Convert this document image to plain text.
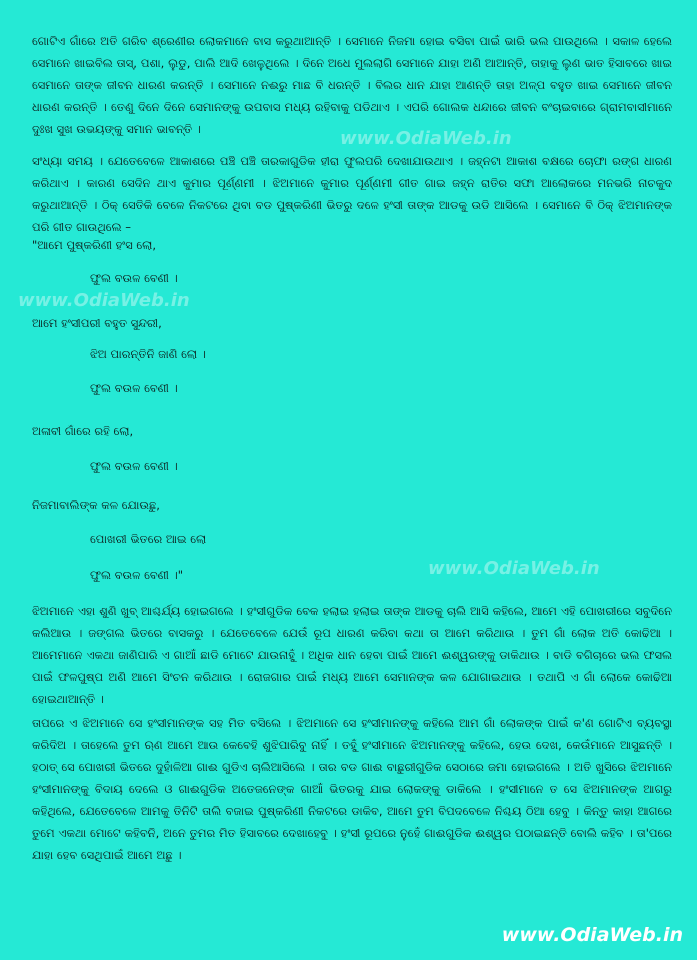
www.OdiaWeb.in
www.OdiaWeb.in
www.OdiaWeb.in

ଗୋଟିଏ ଗାଁରେ ଅତି ଗରିବ ଶ୍ରେଣୀର ଲୋକମାନେ ବାସ କରୁଥାଆନ୍ତି । ସେମାନେ ନିଜମା ହୋଇ ବସିବା ପାଇଁ ଭାରି ଭଲ ପାଉଥିଲେ । ସକାଳ ହେଲେ ସେମାନେ ଖାଇବିଲ ତାସ୍, ପଶା, ଲୁଡୁ, ପାଲି ଆଦି ଖେଳୁଥିଲେ । ଦିନେ ଅଧେ ମୁଲଲାଗି ସେମାନେ ଯାହା ଅଣି ଆଆନ୍ତି, ତାହାକୁ ଲୁଣ ଭାତ ହିସାବରେ ଖାଇ ସେମାନେ ତାଙ୍କ ଜୀବନ ଧାରଣ କରନ୍ତି । ସେମାନେ ନଈରୁ ମାଛ ବି ଧରନ୍ତି । ବିଲର ଧାନ ଯାହା ଆଣନ୍ତି ତାହା ଅଳ୍ପ ବହୁତ ଖାଇ ସେମାନେ ଜୀବନ ଧାରଣ କରନ୍ତି । ତେଣୁ ଦିନେ ଦିନେ ସେମାନଙ୍କୁ ଉପବାସ ମଧ୍ୟ ରହିବାକୁ ପଡିଥାଏ । ଏପରି ଗୋଲକ ଧନ୍ଦାରେ ଜୀବନ ବଂଚାଇବାରେ ଗ୍ରାମବାସୀମାନେ ଦୁଃଖ ସୁଖ ଉଭୟଙ୍କୁ ସମାନ ଭାବନ୍ତି ।

ସଂଧ୍ୟା ସମୟ । ଯେତେବେଳେ ଆକାଶରେ ପଞ୍ଚି ପଞ୍ଚି ତାରକାଗୁଡିକ ହୀରା ଫୁଲପରି ଦେଖାଯାଉଥାଏ । ଜହ୍ନଟା ଆକାଶ ବକ୍ଷରେ ଚୋଫା ରଙ୍ଗ ଧାରଣ କରିଥାଏ । କାରଣ ସେଦିନ ଥାଏ କୁମାର ପୂର୍ଣ୍ଣମୀ । ଝିଅମାନେ କୁମାର ପୂର୍ଣ୍ଣମୀ ଗୀତ ଗାଇ ଜହ୍ନ ରାତିର ସଫା ଆଲୋକରେ ମନଭରି ନାଚକୁଦ କରୁଥାଆନ୍ତି । ଠିକ୍ ସେତିକି ବେଳେ ନିକଟରେ ଥିବା ବଡ ପୁଷ୍କରିଣୀ ଭିତରୁ ଦଳେ ହଂସୀ ତାଙ୍କ ଆଡକୁ ଉଡି ଆସିଲେ । ସେମାନେ ବି ଠିକ୍ ଝିଅମାନଙ୍କ ପରି ଗୀତ ଗାଉଥିଲେ –

"ଆମେ ପୁଷ୍କରିଣୀ ହଂସ ଲୋ,

ଫୁଲ ବଉଳ ବେଣୀ ।

ଆମେ ହଂସୀପରୀ ବହୁତ ସୁନ୍ଦରୀ,

ଝିଅ ପାରନ୍ତିନି ଜାଣି ଲୋ ।

ଫୁଲ ବଉଳ ବେଣୀ ।

ଅଳାବୀ ଗାଁରେ ରହି ଲୋ,

ଫୁଲ ବଉଳ ବେଣୀ ।

ନିଜମାବାଲିଙ୍କ କଳ ଯୋଉଛୁ,

ପୋଖରୀ ଭିତରେ ଆଇ ଲୋ

ଫୁଲ ବଉଳ ବେଣୀ ।"

ଝିଅମାନେ ଏହା ଶୁଣି ଖୁବ୍ ଆଶ୍ଚର୍ଯ୍ୟ ହୋଇଗଲେ । ହଂସୀଗୁଡିକ ବେକ ହଲାଇ ହଲାଇ ତାଙ୍କ ଆଡକୁ ଚାଲି ଆସି କହିଲେ, ଆମେ ଏହି ପୋଖରୀରେ ସବୁଦିନେ କଲିଆଉ । ଜଙ୍ଗଲ ଭିତରେ ବାସକରୁ । ଯେତେବେଳେ ଯେଉଁ ରୂପ ଧାରଣ କରିବା କଥା ତା ଆମେ କରିଥାଉ । ତୁମ ଗାଁ ଲୋକ ଅତି କୋଢିଆ । ଆମେମାନେ ଏକଥା ଜାଣିପାରି ଏ ଗାଆଁ ଛାଡି ମୋଟେ ଯାଉନାହୁଁ । ଅଧିକ ଧାନ ହେବା ପାଇଁ ଆମେ ଈଶ୍ୱରଙ୍କୁ ଡାକିଥାଉ । ବାଡି ବଗିଚାରେ ଭଲ ଫସଲ ପାଇଁ ଫଳପୁଷ୍ପ ଅଣି ଆମେ ସିଂଚନ କରିଥାଉ । ରୋଜଗାର ପାଇଁ ମଧ୍ୟ ଆମେ ସେମାନଙ୍କ କଳ ଯୋଗାଇଥାଉ । ତଥାପି ଏ ଗାଁ ଲୋକେ କୋଢିଆ ହୋଇଥାଆନ୍ତି ।

ତାପରେ ଏ ଝିଅମାନେ ସେ ହଂସୀମାନଙ୍କ ସହ ମିତ ବସିଲେ । ଝିଅମାନେ ସେ ହଂସୀମାନଙ୍କୁ କହିଲେ ଆମ ଗାଁ ଲୋକଙ୍କ ପାଇଁ କ'ଣ ଗୋଟିଏ ବ୍ୟବସ୍ଥା କରିଦିଅ । ତାହେଲେ ତୁମ ଋଣ ଆମେ ଆଉ କେବେହି ଶୁଝିପାରିବୁ ନାହିଁ । ତହୁଁ ହଂସୀମାନେ ଝିଅମାନଙ୍କୁ କହିଲେ, ହେଉ ଦେଖ, କେଉଁମାନେ ଆସୁଛନ୍ତି । ହଠାତ୍ ସେ ପୋଖରୀ ଭିତରେ ଦୁହାଁଳିଆ ଗାଈ ଗୁଡିଏ ଚାଲିଆସିଲେ । ତାର ବଡ ଗାଈ ବାଛୁରୀଗୁଡିକ ସେଠାରେ ଜମା ହୋଇଗଲେ । ଅତି ଖୁସିରେ ଝିଅମାନେ ହଂସୀମାନଙ୍କୁ ବିଦାୟ ଦେଲେ ଓ ଗାଈଗୁଡିକ ଅତେଜନେଙ୍କ ଗାଆଁ ଭିତରକୁ ଯାଇ ଲୋକଙ୍କୁ ଡାକିଲେ । ହଂସୀମାନେ ତ ସେ ଝିଅମାନଙ୍କ ଆଗରୁ କହିଥିଲେ, ଯେତେବେଳେ ଆମକୁ ତିନିଟି ତାଲି ବଜାଇ ପୁଷ୍କରିଣୀ ନିକଟରେ ଡାକିବ, ଆମେ ତୁମ ବିପଦବେଳେ ନିଶ୍ଚୟ ଠିଆ ହେବୁ । କିନ୍ତୁ କାହା ଆଗରେ ତୁମେ ଏକଥା ମୋଟେ କହିବନି, ଅନେ ତୁମର ମିତ ହିସାବରେ ଦେଖାହେବୁ । ହଂସୀ ରୂପରେ ନୁହେଁ ଗାଈଗୁଡିକ ଈଶ୍ୱର ପଠାଇଛନ୍ତି ବୋଲି କହିବ । ତା'ପରେ ଯାହା ହେବ ସେଥିପାଇଁ ଆମେ ଅଛୁ ।

www.OdiaWeb.in
